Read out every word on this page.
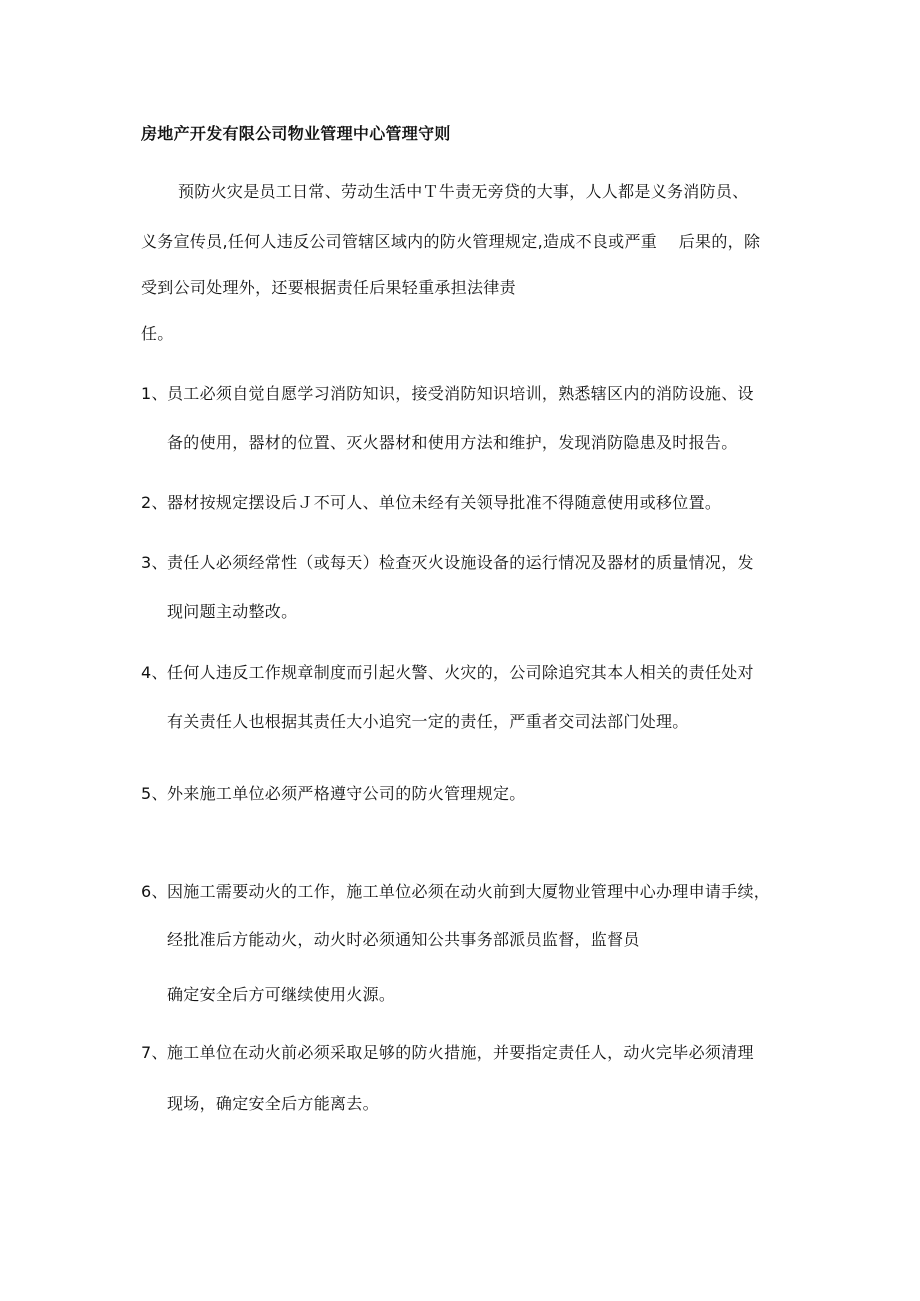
房地产开发有限公司物业管理中心管理守则
预防火灾是员工日常、劳动生活中Ｔ牛责无旁贷的大事，人人都是义务消防员、
义务宣传员,任何人违反公司管辖区域内的防火管理规定,造成不良或严重　 后果的，除
受到公司处理外，还要根据责任后果轻重承担法律责
任。
1、员工必须自觉自愿学习消防知识，接受消防知识培训，熟悉辖区内的消防设施、设
备的使用，器材的位置、灭火器材和使用方法和维护，发现消防隐患及时报告。
2、器材按规定摆设后Ｊ不可人、单位未经有关领导批准不得随意使用或移位置。
3、责任人必须经常性（或每天）检查灭火设施设备的运行情况及器材的质量情况，发
现问题主动整改。
4、任何人违反工作规章制度而引起火警、火灾的，公司除追究其本人相关的责任处对
有关责任人也根据其责任大小追究一定的责任，严重者交司法部门处理。
5、外来施工单位必须严格遵守公司的防火管理规定。
6、因施工需要动火的工作，施工单位必须在动火前到大厦物业管理中心办理申请手续，
经批准后方能动火，动火时必须通知公共事务部派员监督，监督员
确定安全后方可继续使用火源。
7、施工单位在动火前必须采取足够的防火措施，并要指定责任人，动火完毕必须清理
现场，确定安全后方能离去。
